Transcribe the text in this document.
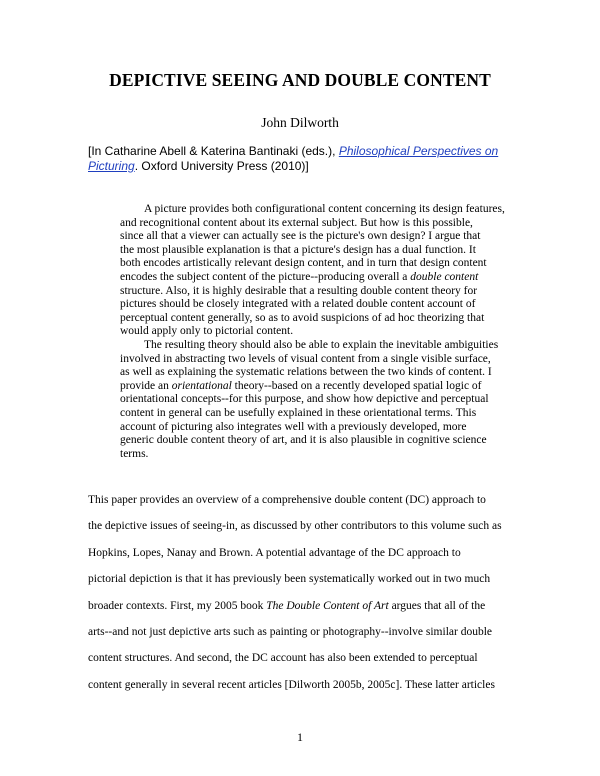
DEPICTIVE SEEING AND DOUBLE CONTENT
John Dilworth
[In Catharine Abell & Katerina Bantinaki (eds.), Philosophical Perspectives on
Picturing. Oxford University Press (2010)]
A picture provides both configurational content concerning its design features,
and recognitional content about its external subject. But how is this possible,
since all that a viewer can actually see is the picture's own design? I argue that
the most plausible explanation is that a picture's design has a dual function. It
both encodes artistically relevant design content, and in turn that design content
encodes the subject content of the picture--producing overall a double content
structure. Also, it is highly desirable that a resulting double content theory for
pictures should be closely integrated with a related double content account of
perceptual content generally, so as to avoid suspicions of ad hoc theorizing that
would apply only to pictorial content.
The resulting theory should also be able to explain the inevitable ambiguities
involved in abstracting two levels of visual content from a single visible surface,
as well as explaining the systematic relations between the two kinds of content. I
provide an orientational theory--based on a recently developed spatial logic of
orientational concepts--for this purpose, and show how depictive and perceptual
content in general can be usefully explained in these orientational terms. This
account of picturing also integrates well with a previously developed, more
generic double content theory of art, and it is also plausible in cognitive science
terms.
This paper provides an overview of a comprehensive double content (DC) approach to
the depictive issues of seeing-in, as discussed by other contributors to this volume such as
Hopkins, Lopes, Nanay and Brown. A potential advantage of the DC approach to
pictorial depiction is that it has previously been systematically worked out in two much
broader contexts. First, my 2005 book The Double Content of Art argues that all of the
arts--and not just depictive arts such as painting or photography--involve similar double
content structures. And second, the DC account has also been extended to perceptual
content generally in several recent articles [Dilworth 2005b, 2005c]. These latter articles
1
